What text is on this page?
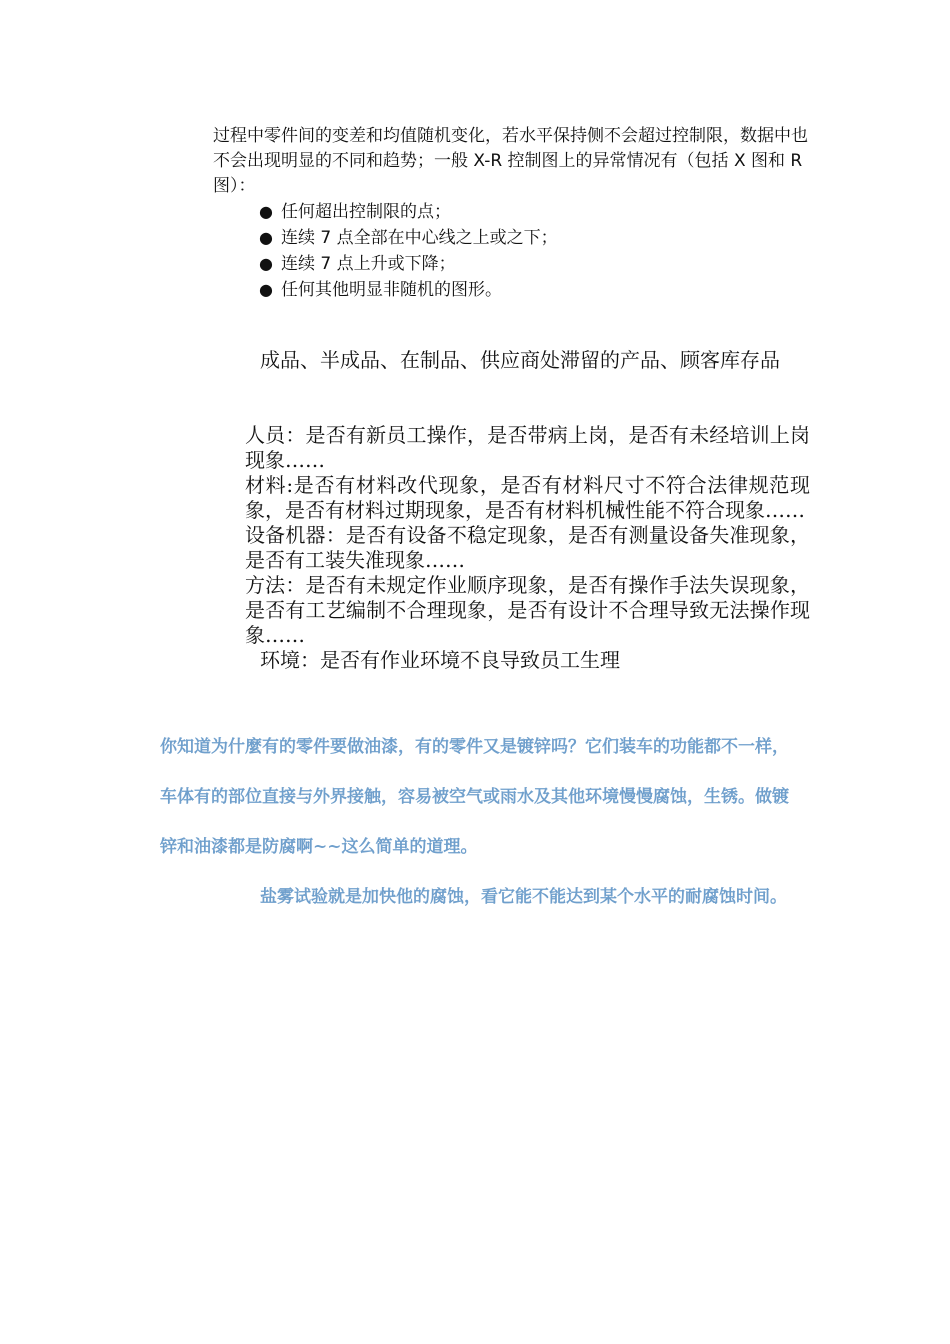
过程中零件间的变差和均值随机变化，若水平保持侧不会超过控制限，数据中也不会出现明显的不同和趋势；一般 X-R 控制图上的异常情况有（包括 X 图和 R 图）：

● 任何超出控制限的点；
● 连续 7 点全部在中心线之上或之下；
● 连续 7 点上升或下降；
● 任何其他明显非随机的图形。
成品、半成品、在制品、供应商处滞留的产品、顾客库存品

人员：是否有新员工操作，是否带病上岗，是否有未经培训上岗现象……

材料:是否有材料改代现象，是否有材料尺寸不符合法律规范现象，是否有材料过期现象，是否有材料机械性能不符合现象……

设备机器：是否有设备不稳定现象，是否有测量设备失准现象，是否有工装失准现象……

方法：是否有未规定作业顺序现象，是否有操作手法失误现象，是否有工艺编制不合理现象，是否有设计不合理导致无法操作现象……

环境：是否有作业环境不良导致员工生理

你知道为什麼有的零件要做油漆，有的零件又是镀锌吗？它们装车的功能都不一样，车体有的部位直接与外界接触，容易被空气或雨水及其他环境慢慢腐蚀，生锈。做镀锌和油漆都是防腐啊~~这么简单的道理。

盐雾试验就是加快他的腐蚀，看它能不能达到某个水平的耐腐蚀时间。
